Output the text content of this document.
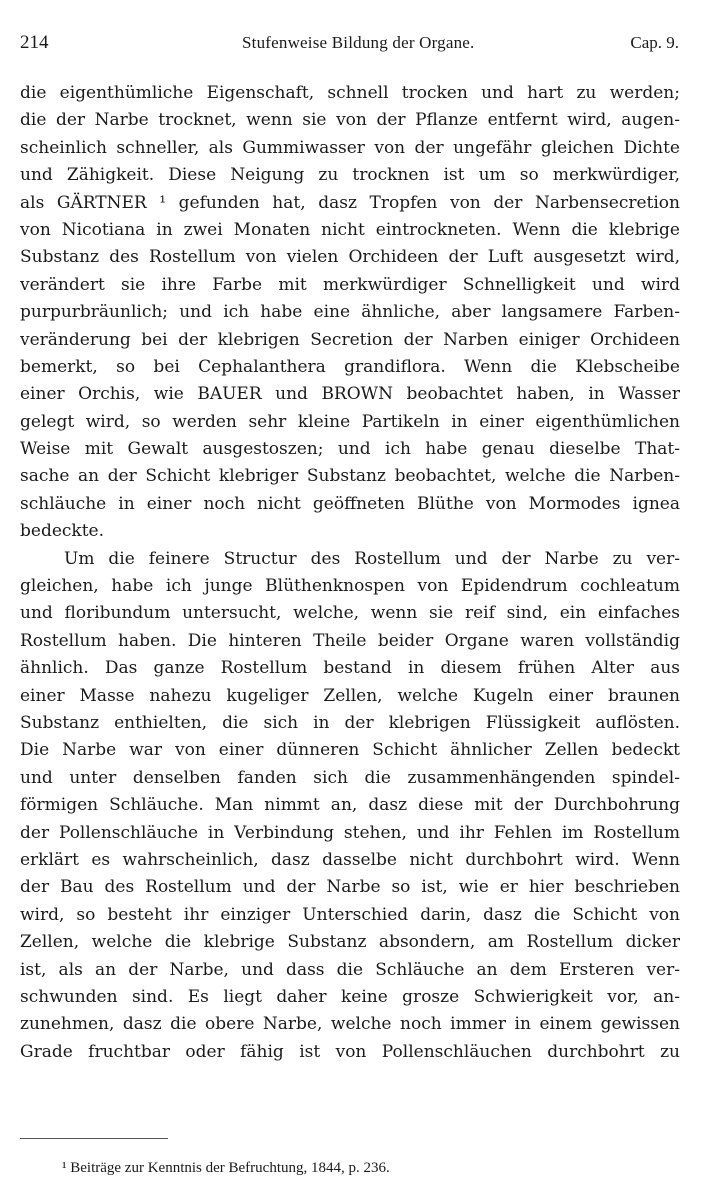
214	Stufenweise Bildung der Organe.	Cap. 9.
die eigenthümliche Eigenschaft, schnell trocken und hart zu werden;
die der Narbe trocknet, wenn sie von der Pflanze entfernt wird, augen-
scheinlich schneller, als Gummiwasser von der ungefähr gleichen Dichte
und Zähigkeit. Diese Neigung zu trocknen ist um so merkwürdiger,
als GÄRTNER ¹ gefunden hat, dasz Tropfen von der Narbensecretion
von Nicotiana in zwei Monaten nicht eintrockneten. Wenn die klebrige
Substanz des Rostellum von vielen Orchideen der Luft ausgesetzt wird,
verändert sie ihre Farbe mit merkwürdiger Schnelligkeit und wird
purpurbräunlich; und ich habe eine ähnliche, aber langsamere Farben-
veränderung bei der klebrigen Secretion der Narben einiger Orchideen
bemerkt, so bei Cephalanthera grandiflora. Wenn die Klebscheibe
einer Orchis, wie BAUER und BROWN beobachtet haben, in Wasser
gelegt wird, so werden sehr kleine Partikeln in einer eigenthümlichen
Weise mit Gewalt ausgestoszen; und ich habe genau dieselbe That-
sache an der Schicht klebriger Substanz beobachtet, welche die Narben-
schläuche in einer noch nicht geöffneten Blüthe von Mormodes ignea
bedeckte.
Um die feinere Structur des Rostellum und der Narbe zu ver-
gleichen, habe ich junge Blüthenknospen von Epidendrum cochleatum
und floribundum untersucht, welche, wenn sie reif sind, ein einfaches
Rostellum haben. Die hinteren Theile beider Organe waren vollständig
ähnlich. Das ganze Rostellum bestand in diesem frühen Alter aus
einer Masse nahezu kugeliger Zellen, welche Kugeln einer braunen
Substanz enthielten, die sich in der klebrigen Flüssigkeit auflösten.
Die Narbe war von einer dünneren Schicht ähnlicher Zellen bedeckt
und unter denselben fanden sich die zusammenhängenden spindel-
förmigen Schläuche. Man nimmt an, dasz diese mit der Durchbohrung
der Pollenschläuche in Verbindung stehen, und ihr Fehlen im Rostellum
erklärt es wahrscheinlich, dasz dasselbe nicht durchbohrt wird. Wenn
der Bau des Rostellum und der Narbe so ist, wie er hier beschrieben
wird, so besteht ihr einziger Unterschied darin, dasz die Schicht von
Zellen, welche die klebrige Substanz absondern, am Rostellum dicker
ist, als an der Narbe, und dass die Schläuche an dem Ersteren ver-
schwunden sind. Es liegt daher keine grosze Schwierigkeit vor, an-
zunehmen, dasz die obere Narbe, welche noch immer in einem gewissen
Grade fruchtbar oder fähig ist von Pollenschläuchen durchbohrt zu
¹ Beiträge zur Kenntnis der Befruchtung, 1844, p. 236.
